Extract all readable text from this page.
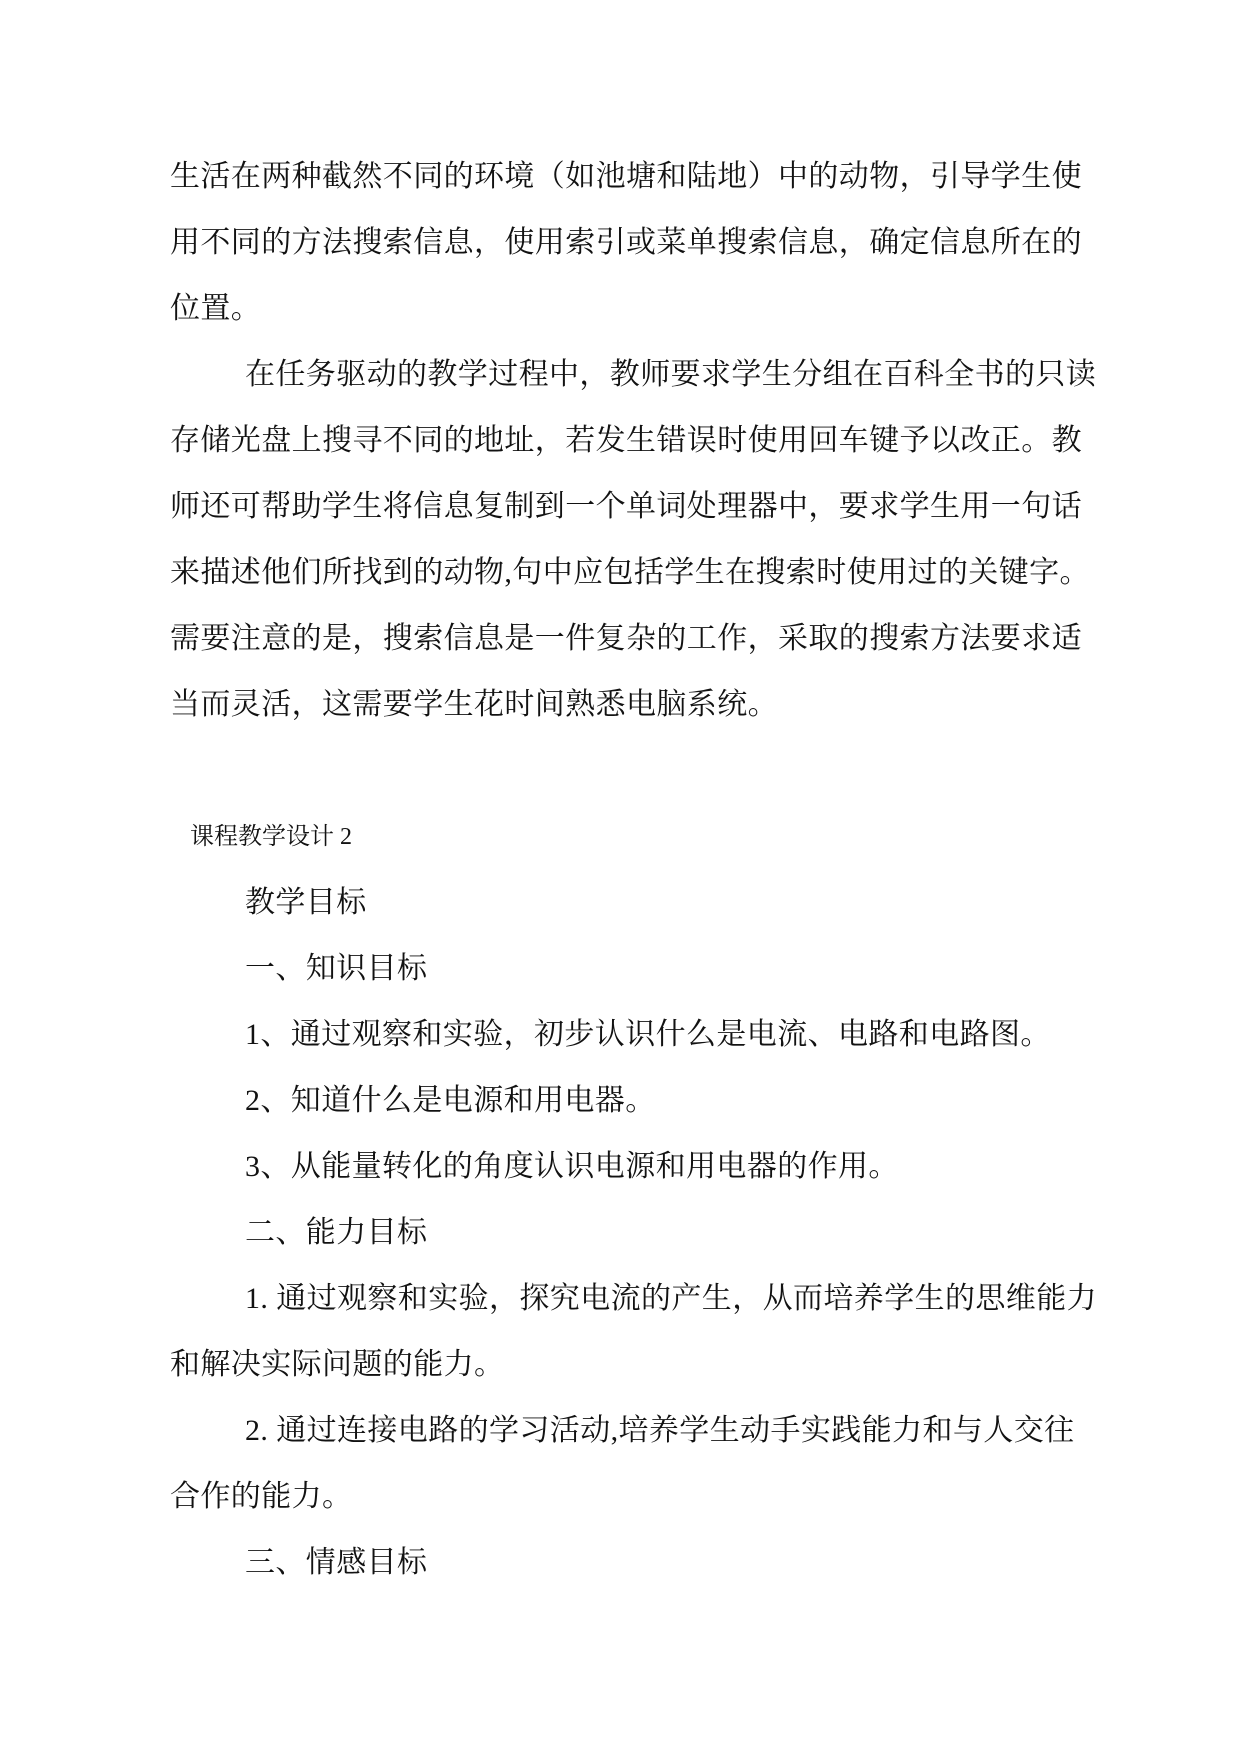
生活在两种截然不同的环境（如池塘和陆地）中的动物，引导学生使
用不同的方法搜索信息，使用索引或菜单搜索信息，确定信息所在的
位置。
在任务驱动的教学过程中，教师要求学生分组在百科全书的只读
存储光盘上搜寻不同的地址，若发生错误时使用回车键予以改正。教
师还可帮助学生将信息复制到一个单词处理器中，要求学生用一句话
来描述他们所找到的动物,句中应包括学生在搜索时使用过的关键字。
需要注意的是，搜索信息是一件复杂的工作，采取的搜索方法要求适
当而灵活，这需要学生花时间熟悉电脑系统。
课程教学设计 2
教学目标
一、知识目标
1、通过观察和实验，初步认识什么是电流、电路和电路图。
2、知道什么是电源和用电器。
3、从能量转化的角度认识电源和用电器的作用。
二、能力目标
1. 通过观察和实验，探究电流的产生，从而培养学生的思维能力
和解决实际问题的能力。
2. 通过连接电路的学习活动,培养学生动手实践能力和与人交往
合作的能力。
三、情感目标
